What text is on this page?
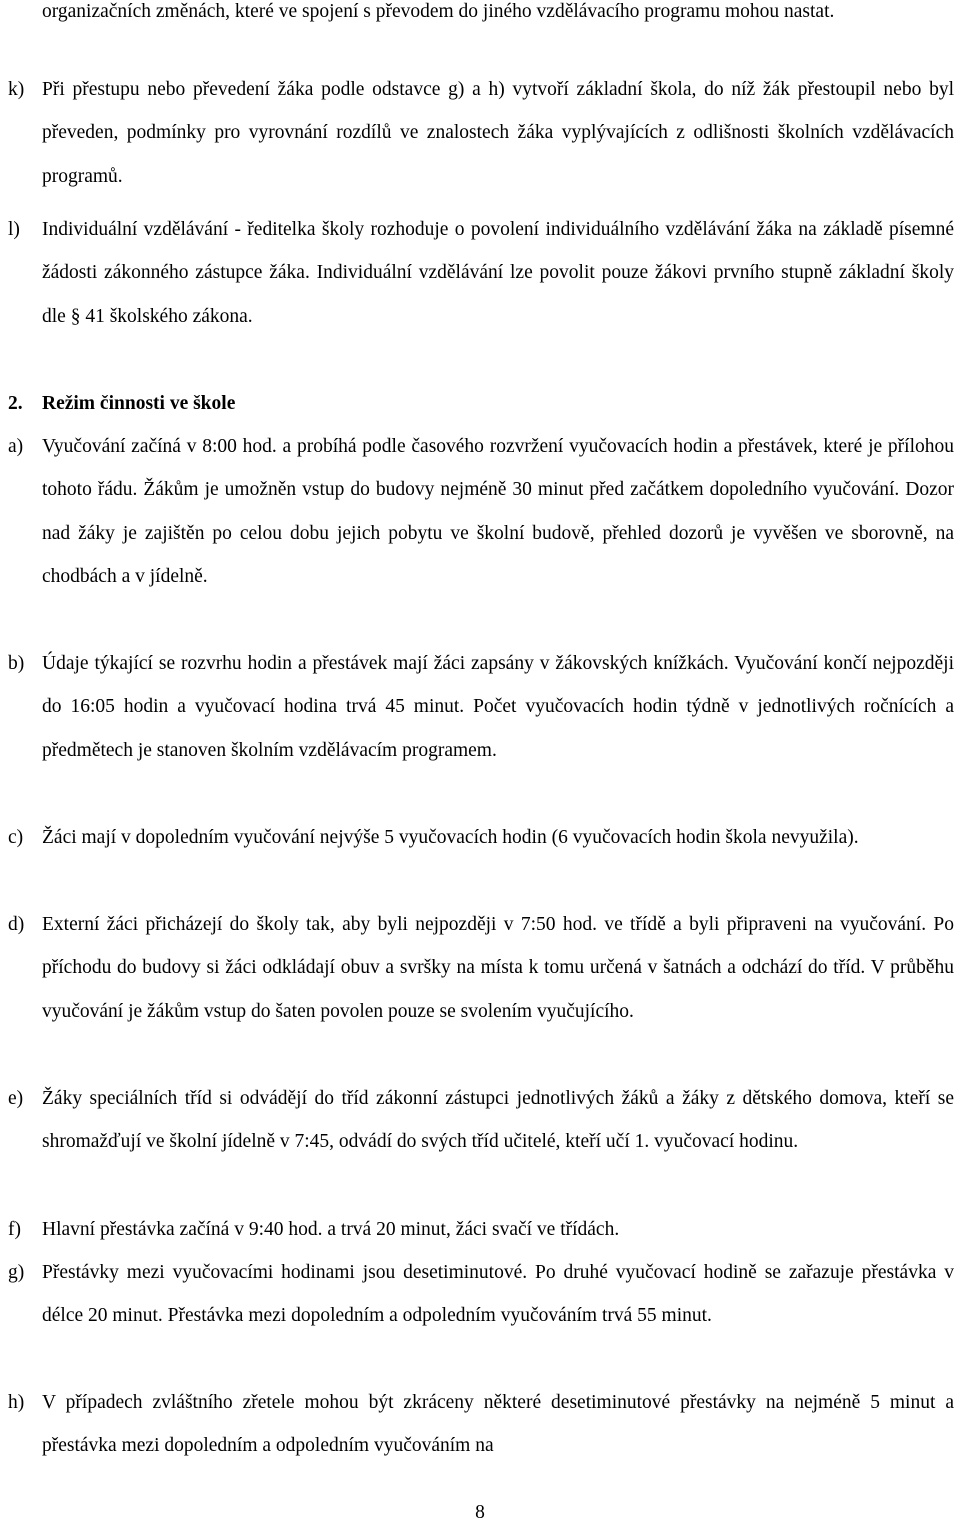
organizačních změnách, které ve spojení s převodem do jiného vzdělávacího programu mohou nastat.

k) Při přestupu nebo převedení žáka podle odstavce g) a h) vytvoří základní škola, do níž žák přestoupil nebo byl převeden, podmínky pro vyrovnání rozdílů ve znalostech žáka vyplývajících z odlišnosti školních vzdělávacích programů.

l) Individuální vzdělávání - ředitelka školy rozhoduje o povolení individuálního vzdělávání žáka na základě písemné žádosti zákonného zástupce žáka. Individuální vzdělávání lze povolit pouze žákovi prvního stupně základní školy dle § 41 školského zákona.

2. Režim činnosti ve škole
a) Vyučování začíná v 8:00 hod. a probíhá podle časového rozvržení vyučovacích hodin a přestávek, které je přílohou tohoto řádu. Žákům je umožněn vstup do budovy nejméně 30 minut před začátkem dopoledního vyučování. Dozor nad žáky je zajištěn po celou dobu jejich pobytu ve školní budově, přehled dozorů je vyvěšen ve sborovně, na chodbách a v jídelně.

b) Údaje týkající se rozvrhu hodin a přestávek mají žáci zapsány v žákovských knížkách. Vyučování končí nejpozději do 16:05 hodin a vyučovací hodina trvá 45 minut. Počet vyučovacích hodin týdně v jednotlivých ročnících a předmětech je stanoven školním vzdělávacím programem.

c) Žáci mají v dopoledním vyučování nejvýše 5 vyučovacích hodin (6 vyučovacích hodin škola nevyužila).

d) Externí žáci přicházejí do školy tak, aby byli nejpozději v 7:50 hod. ve třídě a byli připraveni na vyučování. Po příchodu do budovy si žáci odkládají obuv a svršky na místa k tomu určená v šatnách a odchází do tříd. V průběhu vyučování je žákům vstup do šaten povolen pouze se svolením vyučujícího.

e) Žáky speciálních tříd si odvádějí do tříd zákonní zástupci jednotlivých žáků a žáky z dětského domova, kteří se shromažďují ve školní jídelně v 7:45, odvádí do svých tříd učitelé, kteří učí 1. vyučovací hodinu.

f) Hlavní přestávka začíná v 9:40 hod. a trvá 20 minut, žáci svačí ve třídách.

g) Přestávky mezi vyučovacími hodinami jsou desetiminutové. Po druhé vyučovací hodině se zařazuje přestávka v délce 20 minut. Přestávka mezi dopoledním a odpoledním vyučováním trvá 55 minut.

h) V případech zvláštního zřetele mohou být zkráceny některé desetiminutové přestávky na nejméně 5 minut a přestávka mezi dopoledním a odpoledním vyučováním na

8
